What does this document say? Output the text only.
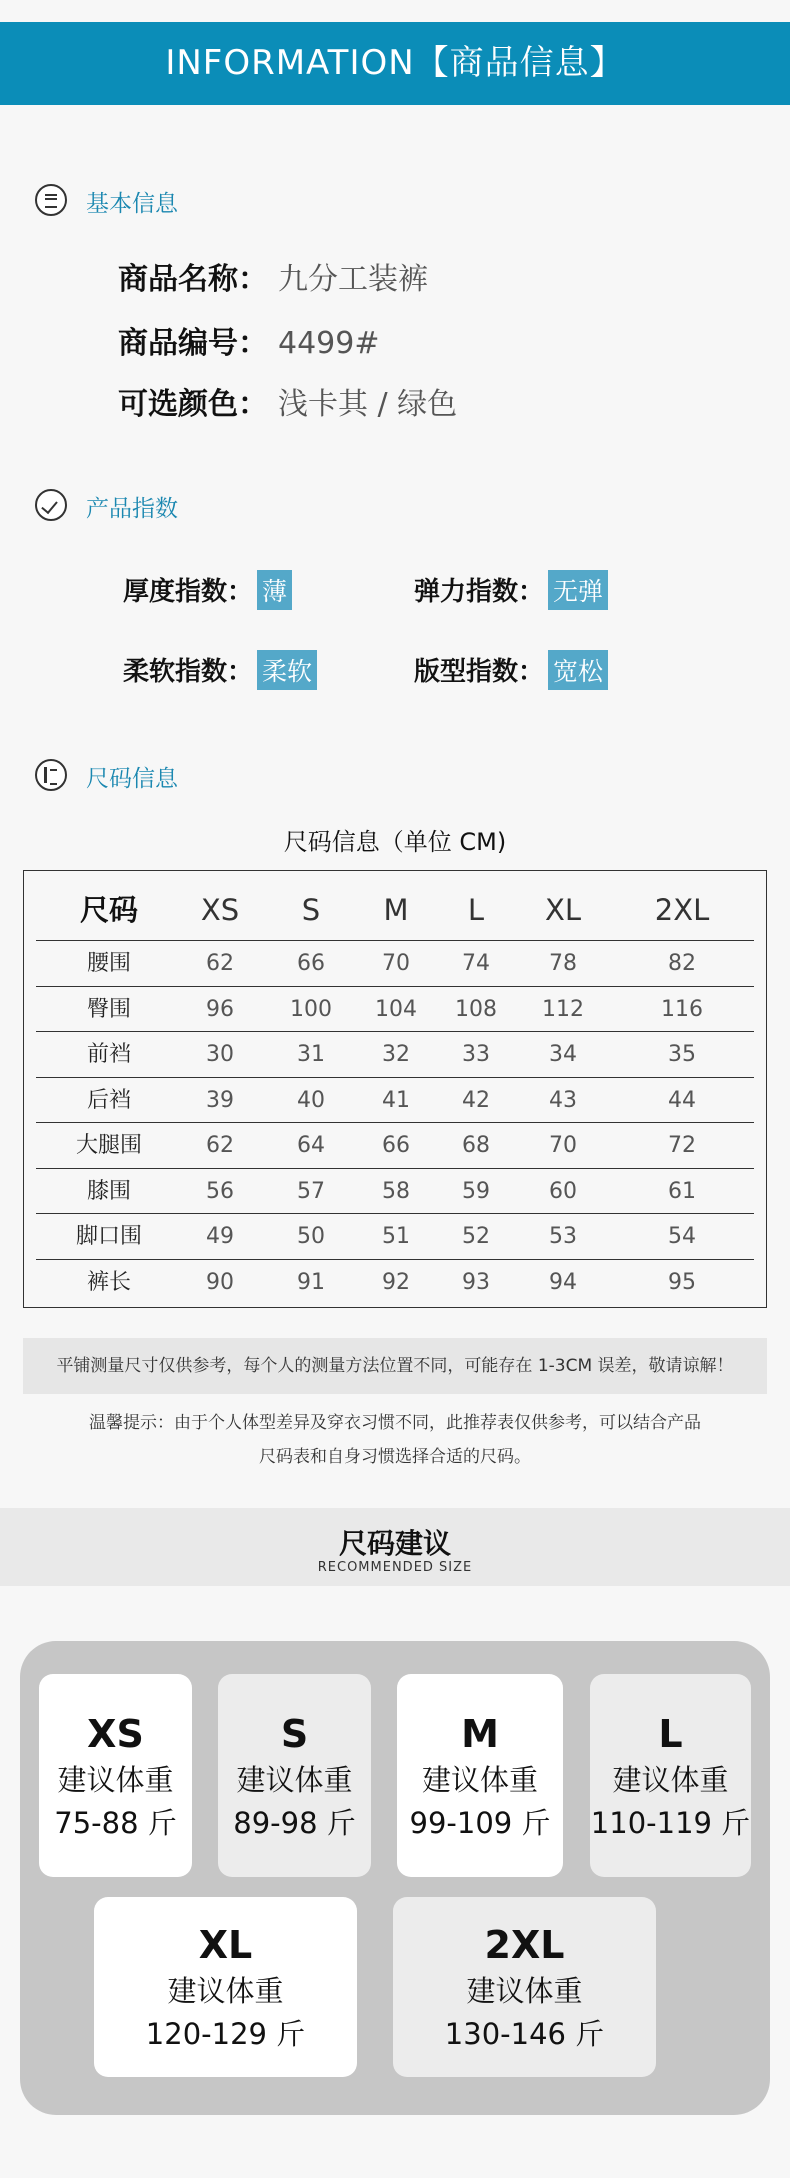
INFORMATION【商品信息】
基本信息
商品名称： 九分工装裤
商品编号： 4499#
可选颜色： 浅卡其 / 绿色
产品指数
厚度指数： 薄	弹力指数： 无弹
柔软指数： 柔软	版型指数： 宽松
尺码信息
尺码信息（单位 CM)
尺码	XS	S	M	L	XL	2XL
腰围	62	66	70	74	78	82
臀围	96	100	104	108	112	116
前裆	30	31	32	33	34	35
后裆	39	40	41	42	43	44
大腿围	62	64	66	68	70	72
膝围	56	57	58	59	60	61
脚口围	49	50	51	52	53	54
裤长	90	91	92	93	94	95
平铺测量尺寸仅供参考，每个人的测量方法位置不同，可能存在 1-3CM 误差，敬请谅解！
温馨提示：由于个人体型差异及穿衣习惯不同，此推荐表仅供参考，可以结合产品
尺码表和自身习惯选择合适的尺码。
尺码建议
RECOMMENDED SIZE
XS
建议体重
75-88 斤
S
建议体重
89-98 斤
M
建议体重
99-109 斤
L
建议体重
110-119 斤
XL
建议体重
120-129 斤
2XL
建议体重
130-146 斤
